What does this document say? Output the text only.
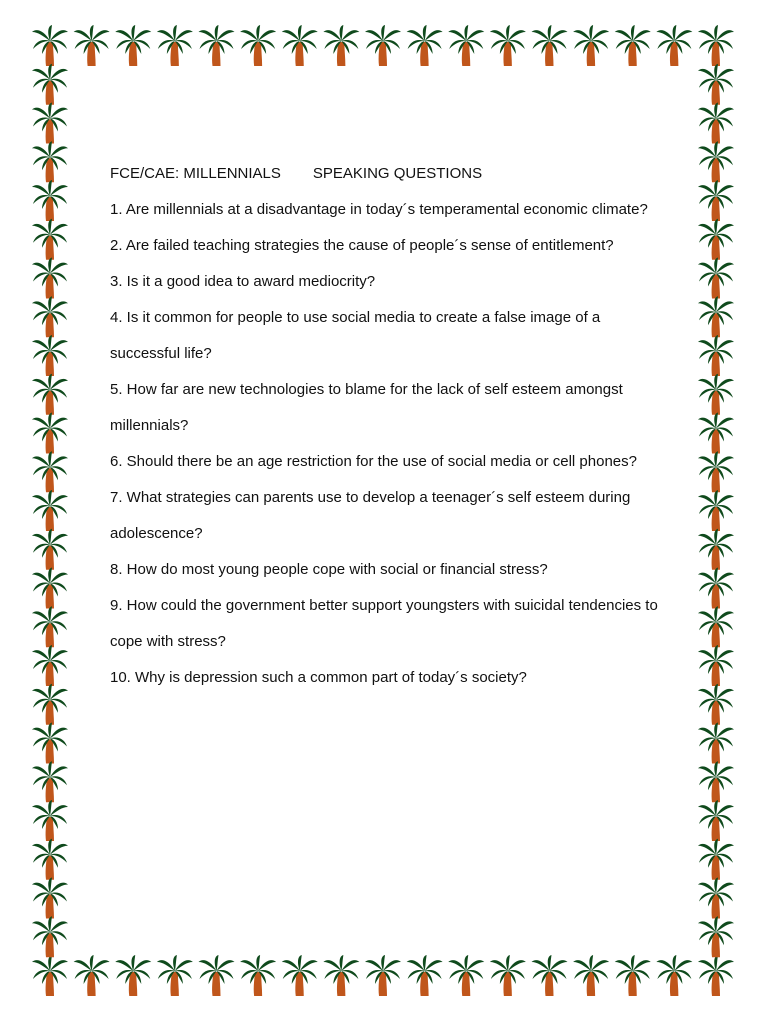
FCE/CAE: MILLENNIALS SPEAKING QUESTIONS

1. Are millennials at a disadvantage in today´s temperamental economic climate?

2. Are failed teaching strategies the cause of people´s sense of entitlement?

3. Is it a good idea to award mediocrity?

4. Is it common for people to use social media to create a false image of a successful life?

5. How far are new technologies to blame for the lack of self esteem amongst millennials?

6. Should there be an age restriction for the use of social media or cell phones?

7. What strategies can parents use to develop a teenager´s self esteem during adolescence?

8. How do most young people cope with social or financial stress?

9. How could the government better support youngsters with suicidal tendencies to cope with stress?

10. Why is depression such a common part of today´s society?
